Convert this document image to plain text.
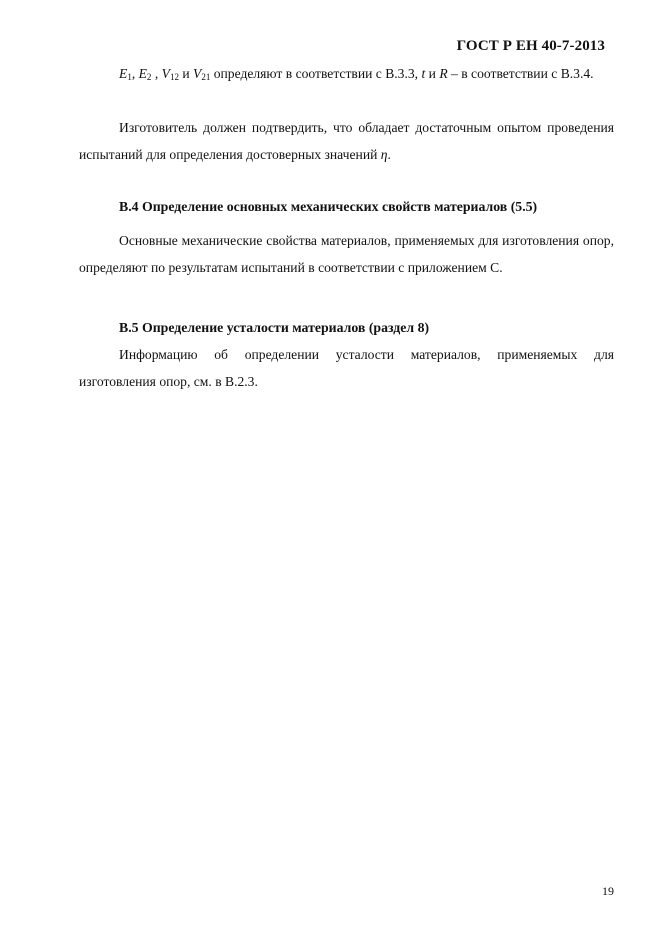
ГОСТ Р ЕН 40-7-2013

$E_1$, $E_2$ , $V_{12}$ и $V_{21}$ определяют в соответствии с В.3.3, t и R – в соответствии с В.3.4.

Изготовитель должен подтвердить, что обладает достаточным опытом проведения испытаний для определения достоверных значений η.

В.4 Определение основных механических свойств материалов (5.5)

Основные механические свойства материалов, применяемых для изготовления опор, определяют по результатам испытаний в соответствии с приложением С.

В.5 Определение усталости материалов (раздел 8)

Информацию об определении усталости материалов, применяемых для изготовления опор, см. в В.2.3.

19
